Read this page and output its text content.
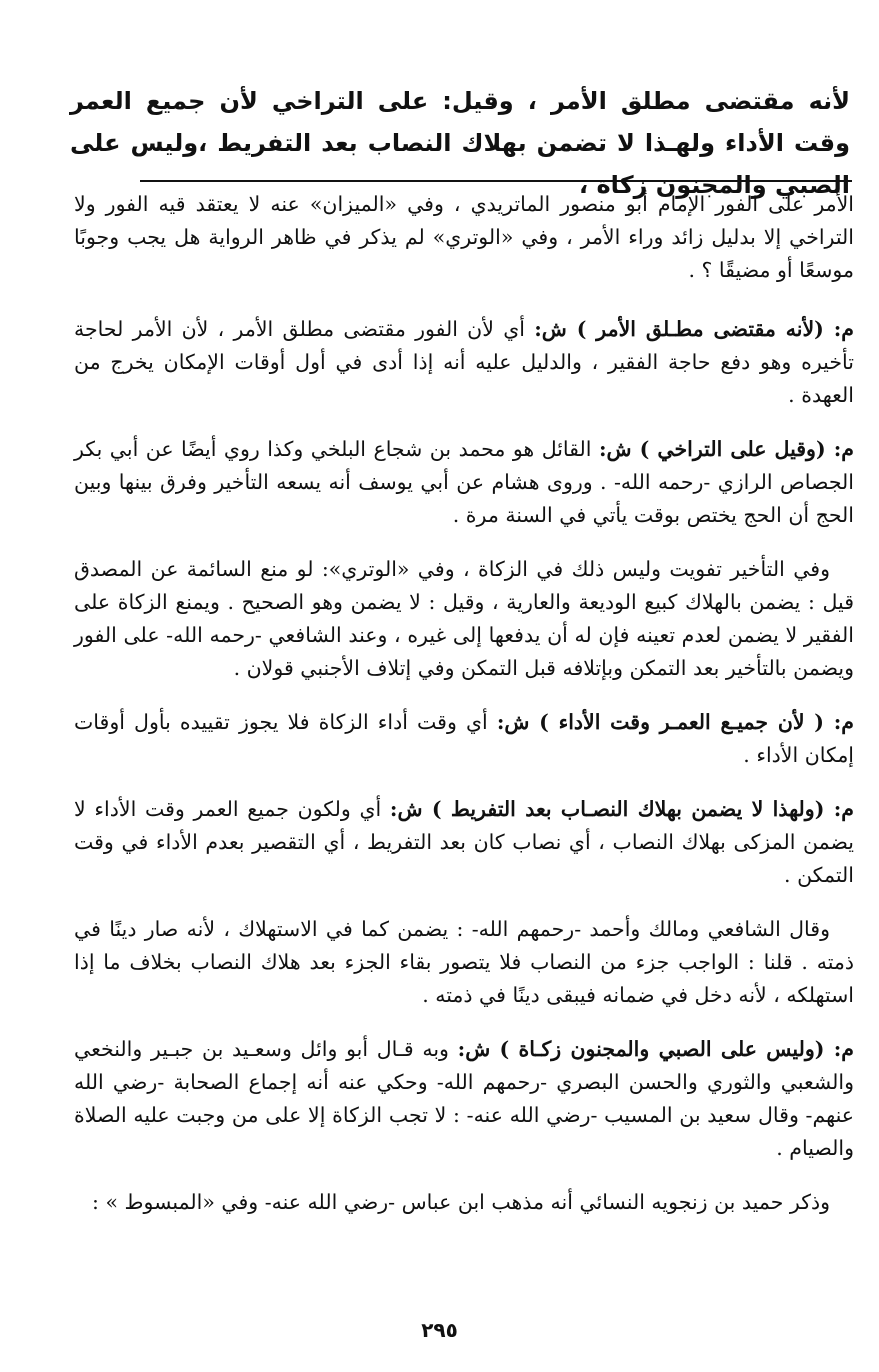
لأنه مقتضى مطلق الأمر ، وقيل: على التراخي لأن جميع العمر وقت الأداء ولهـذا لا تضمن بهلاك النصاب بعد التفريط ،وليس على الصبي والمجنون زكاة ،

الأمر على الفور الإمام أبو منصور الماتريدي ، وفي «الميزان» عنه لا يعتقد قيه الفور ولا التراخي إلا بدليل زائد وراء الأمر ، وفي «الوتري» لم يذكر في ظاهر الرواية هل يجب وجوبًا موسعًا أو مضيقًا ؟ .

م: (لأنه مقتضى مطـلق الأمر ) ش: أي لأن الفور مقتضى مطلق الأمر ، لأن الأمر لحاجة تأخيره وهو دفع حاجة الفقير ، والدليل عليه أنه إذا أدى في أول أوقات الإمكان يخرج من العهدة .

م: (وقيل على التراخي ) ش: القائل هو محمد بن شجاع البلخي وكذا روي أيضًا عن أبي بكر الجصاص الرازي -رحمه الله- . وروى هشام عن أبي يوسف أنه يسعه التأخير وفرق بينها وبين الحج أن الحج يختص بوقت يأتي في السنة مرة .

وفي التأخير تفويت وليس ذلك في الزكاة ، وفي «الوتري»: لو منع السائمة عن المصدق قيل : يضمن بالهلاك كبيع الوديعة والعارية ، وقيل : لا يضمن وهو الصحيح . ويمنع الزكاة على الفقير لا يضمن لعدم تعينه فإن له أن يدفعها إلى غيره ، وعند الشافعي -رحمه الله- على الفور ويضمن بالتأخير بعد التمكن وبإتلافه قبل التمكن وفي إتلاف الأجنبي قولان .

م: ( لأن جميـع العمـر وقت الأداء ) ش: أي وقت أداء الزكاة فلا يجوز تقييده بأول أوقات إمكان الأداء .

م: (ولهذا لا يضمن بهلاك النصـاب بعد التفريط ) ش: أي ولكون جميع العمر وقت الأداء لا يضمن المزكى بهلاك النصاب ، أي نصاب كان بعد التفريط ، أي التقصير بعدم الأداء في وقت التمكن .

وقال الشافعي ومالك وأحمد -رحمهم الله- : يضمن كما في الاستهلاك ، لأنه صار دينًا في ذمته . قلنا : الواجب جزء من النصاب فلا يتصور بقاء الجزء بعد هلاك النصاب بخلاف ما إذا استهلكه ، لأنه دخل في ضمانه فيبقى دينًا في ذمته .

م: (وليس على الصبي والمجنون زكـاة ) ش: وبه قـال أبو وائل وسعـيد بن جبـير والنخعي والشعبي والثوري والحسن البصري -رحمهم الله- وحكي عنه أنه إجماع الصحابة -رضي الله عنهم- وقال سعيد بن المسيب -رضي الله عنه- : لا تجب الزكاة إلا على من وجبت عليه الصلاة والصيام .

وذكر حميد بن زنجويه النسائي أنه مذهب ابن عباس -رضي الله عنه- وفي «المبسوط » :

٢٩٥
